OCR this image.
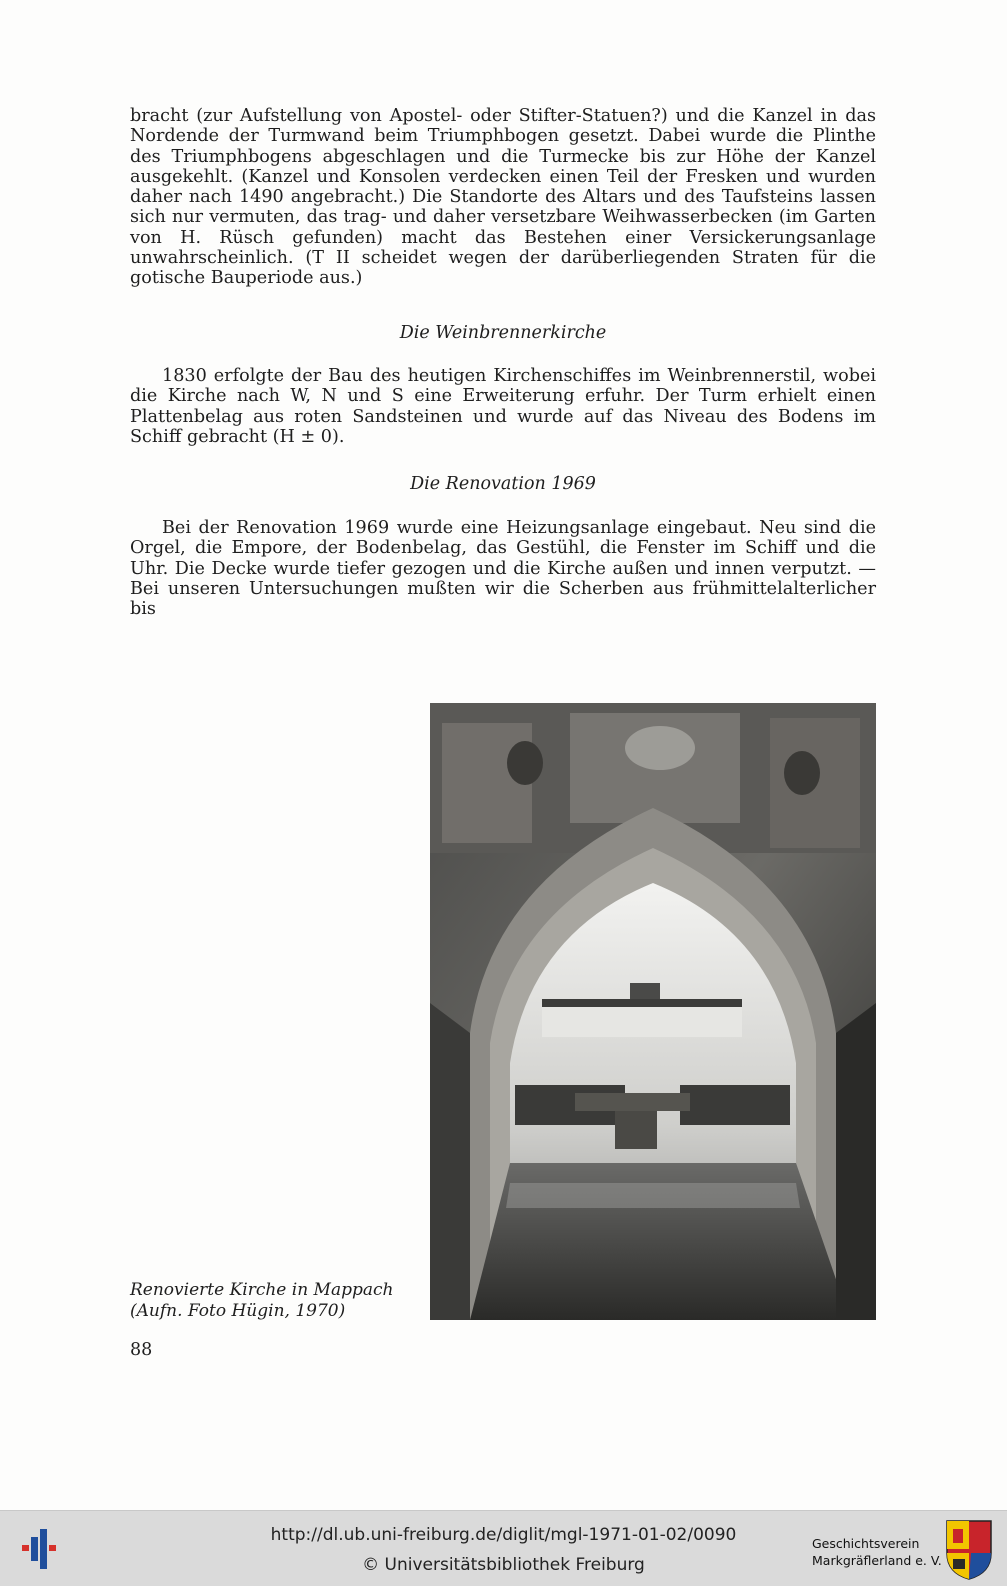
bracht (zur Aufstellung von Apostel- oder Stifter-Statuen?) und die Kanzel in das Nordende der Turmwand beim Triumphbogen gesetzt. Dabei wurde die Plinthe des Triumphbogens abgeschlagen und die Turmecke bis zur Höhe der Kanzel ausgekehlt. (Kanzel und Konsolen verdecken einen Teil der Fresken und wurden daher nach 1490 angebracht.) Die Standorte des Altars und des Taufsteins lassen sich nur vermuten, das trag- und daher versetzbare Weihwasserbecken (im Garten von H. Rüsch gefunden) macht das Bestehen einer Versickerungsanlage unwahrscheinlich. (T II scheidet wegen der darüberliegenden Straten für die gotische Bauperiode aus.)

Die Weinbrennerkirche

1830 erfolgte der Bau des heutigen Kirchenschiffes im Weinbrennerstil, wobei die Kirche nach W, N und S eine Erweiterung erfuhr. Der Turm erhielt einen Plattenbelag aus roten Sandsteinen und wurde auf das Niveau des Bodens im Schiff gebracht (H ± 0).

Die Renovation 1969

Bei der Renovation 1969 wurde eine Heizungsanlage eingebaut. Neu sind die Orgel, die Empore, der Bodenbelag, das Gestühl, die Fenster im Schiff und die Uhr. Die Decke wurde tiefer gezogen und die Kirche außen und innen verputzt. — Bei unseren Untersuchungen mußten wir die Scherben aus frühmittelalterlicher bis

Renovierte Kirche in Mappach
(Aufn. Foto Hügin, 1970)
88
http://dl.ub.uni-freiburg.de/diglit/mgl-1971-01-02/0090
© Universitätsbibliothek Freiburg
Geschichtsverein
Markgräflerland e. V.
